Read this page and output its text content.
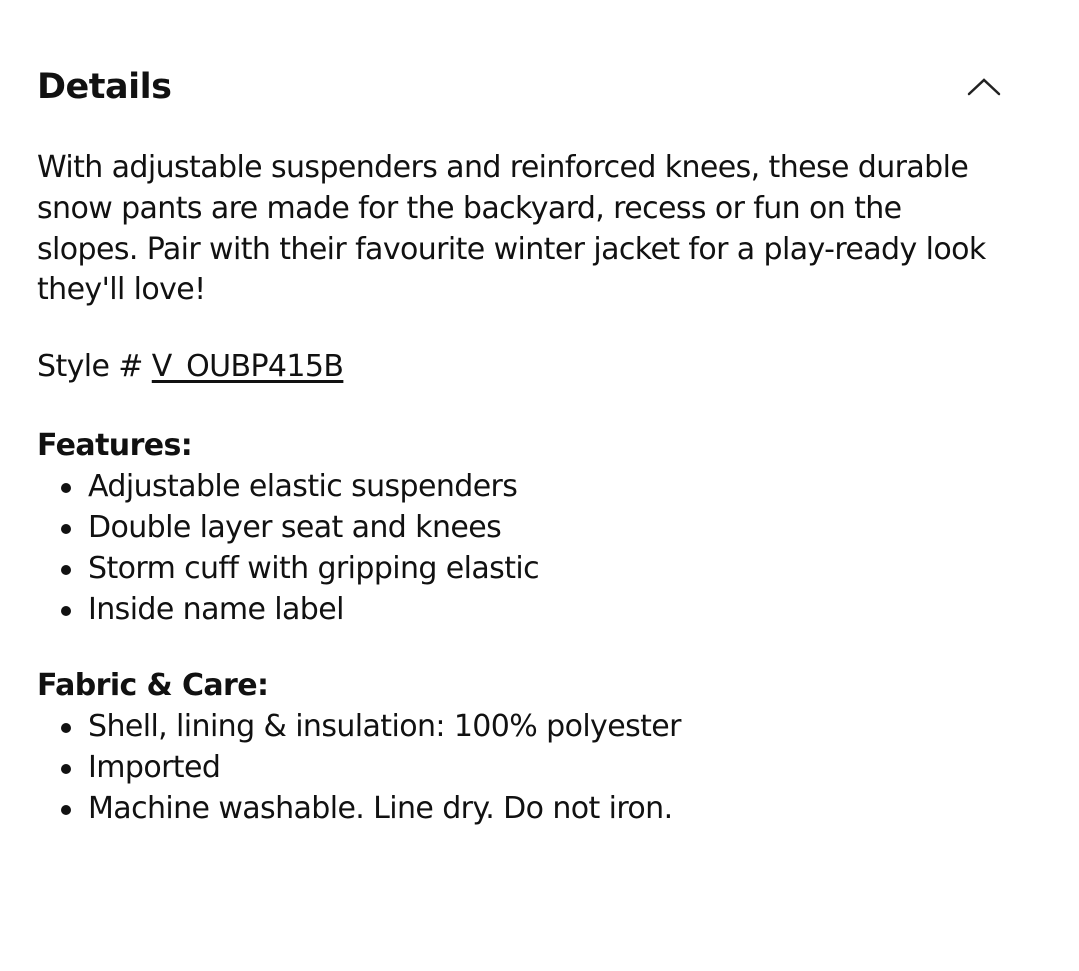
Details

With adjustable suspenders and reinforced knees, these durable snow pants are made for the backyard, recess or fun on the slopes. Pair with their favourite winter jacket for a play-ready look they'll love!

Style # V_OUBP415B

Features:

Adjustable elastic suspenders
Double layer seat and knees
Storm cuff with gripping elastic
Inside name label

Fabric & Care:

Shell, lining & insulation: 100% polyester
Imported
Machine washable. Line dry. Do not iron.
